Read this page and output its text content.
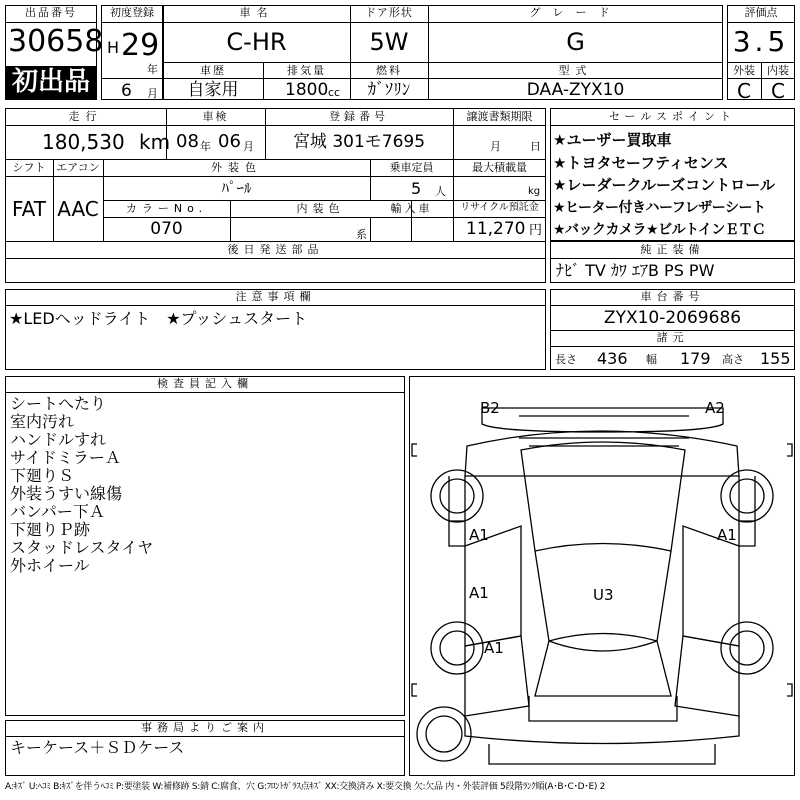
出品番号
30658
初出品
初度登録
H 29
年
6 月
車名
C-HR
ドア形状
5W
グレード
G
車歴
自家用
排気量
1800 cc
燃料
ｶﾞｿﾘﾝ
型式
DAA-ZYX10
評価点
3.5
外装	内装
C	C
走行
180,530 km
車検
08 年 06 月
登録番号
宮城 301モ7695
譲渡書類期限
月	日
シフト
FAT
エアコン
AAC
外装色
ﾊﾟｰﾙ
乗車定員
5 人
最大積載量
kg
カラーNo.
070
内装色
系
輸入車	リサイクル預託金
11,270 円
後日発送部品
セールスポイント
★ユーザー買取車
★トヨタセーフティセンス
★レーダークルーズコントロール
★ヒーター付きハーフレザーシート
★バックカメラ★ビルトインＥＴＣ
純正装備
ﾅﾋﾞ TV ｶﾜ ｴｱB PS PW
注意事項欄
★LEDヘッドライト　★プッシュスタート
車台番号
ZYX10-2069686
諸元
長さ 436 幅 179 高さ 155
検査員記入欄
シートへたり
室内汚れ
ハンドルすれ
サイドミラーＡ
下廻りＳ
外装うすい線傷
バンパー下Ａ
下廻りＰ跡
スタッドレスタイヤ
外ホイール
B2	A2
A1	A1
A1
A1
U3
事務局よりご案内
キーケース＋ＳＤケース
A:ｷｽﾞ U:ﾍｺﾐ B:ｷｽﾞを伴うﾍｺﾐ P:要塗装 W:補修跡 S:錆 C:腐食、穴 G:ﾌﾛﾝﾄｶﾞﾗｽ点ｷｽﾞ XX:交換済み X:要交換 欠:欠品 内・外装評価 5段階ﾗﾝｸ順(A･B･C･D･E) 2
